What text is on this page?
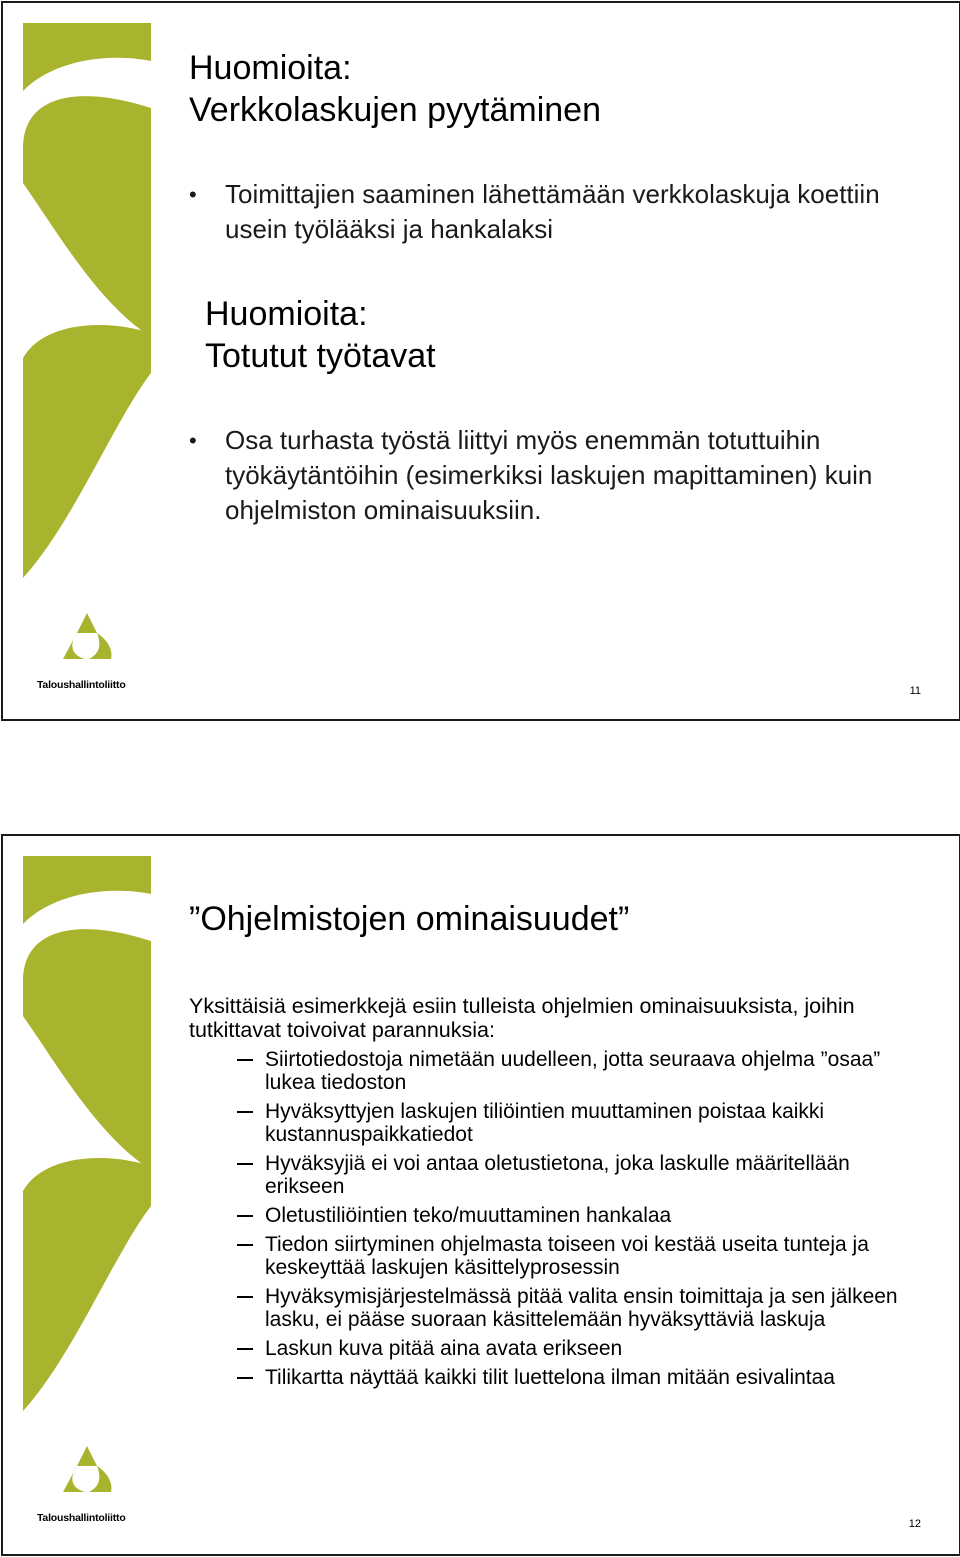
Huomioita:
Verkkolaskujen pyytäminen
• Toimittajien saaminen lähettämään verkkolaskuja koettiin usein työlääksi ja hankalaksi
Huomioita:
Totutut työtavat
• Osa turhasta työstä liittyi myös enemmän totuttuihin työkäytäntöihin (esimerkiksi laskujen mapittaminen) kuin ohjelmiston ominaisuuksiin.
Taloushallintoliitto	11
”Ohjelmistojen ominaisuudet”

Yksittäisiä esimerkkejä esiin tulleista ohjelmien ominaisuuksista, joihin tutkittavat toivoivat parannuksia:

Siirtotiedostoja nimetään uudelleen, jotta seuraava ohjelma ”osaa” lukea tiedoston
Hyväksyttyjen laskujen tiliöintien muuttaminen poistaa kaikki kustannuspaikkatiedot
Hyväksyjiä ei voi antaa oletustietona, joka laskulle määritellään erikseen
Oletustiliöintien teko/muuttaminen hankalaa
Tiedon siirtyminen ohjelmasta toiseen voi kestää useita tunteja ja keskeyttää laskujen käsittelyprosessin
Hyväksymisjärjestelmässä pitää valita ensin toimittaja ja sen jälkeen lasku, ei pääse suoraan käsittelemään hyväksyttäviä laskuja
Laskun kuva pitää aina avata erikseen
Tilikartta näyttää kaikki tilit luettelona ilman mitään esivalintaa
Taloushallintoliitto	12
